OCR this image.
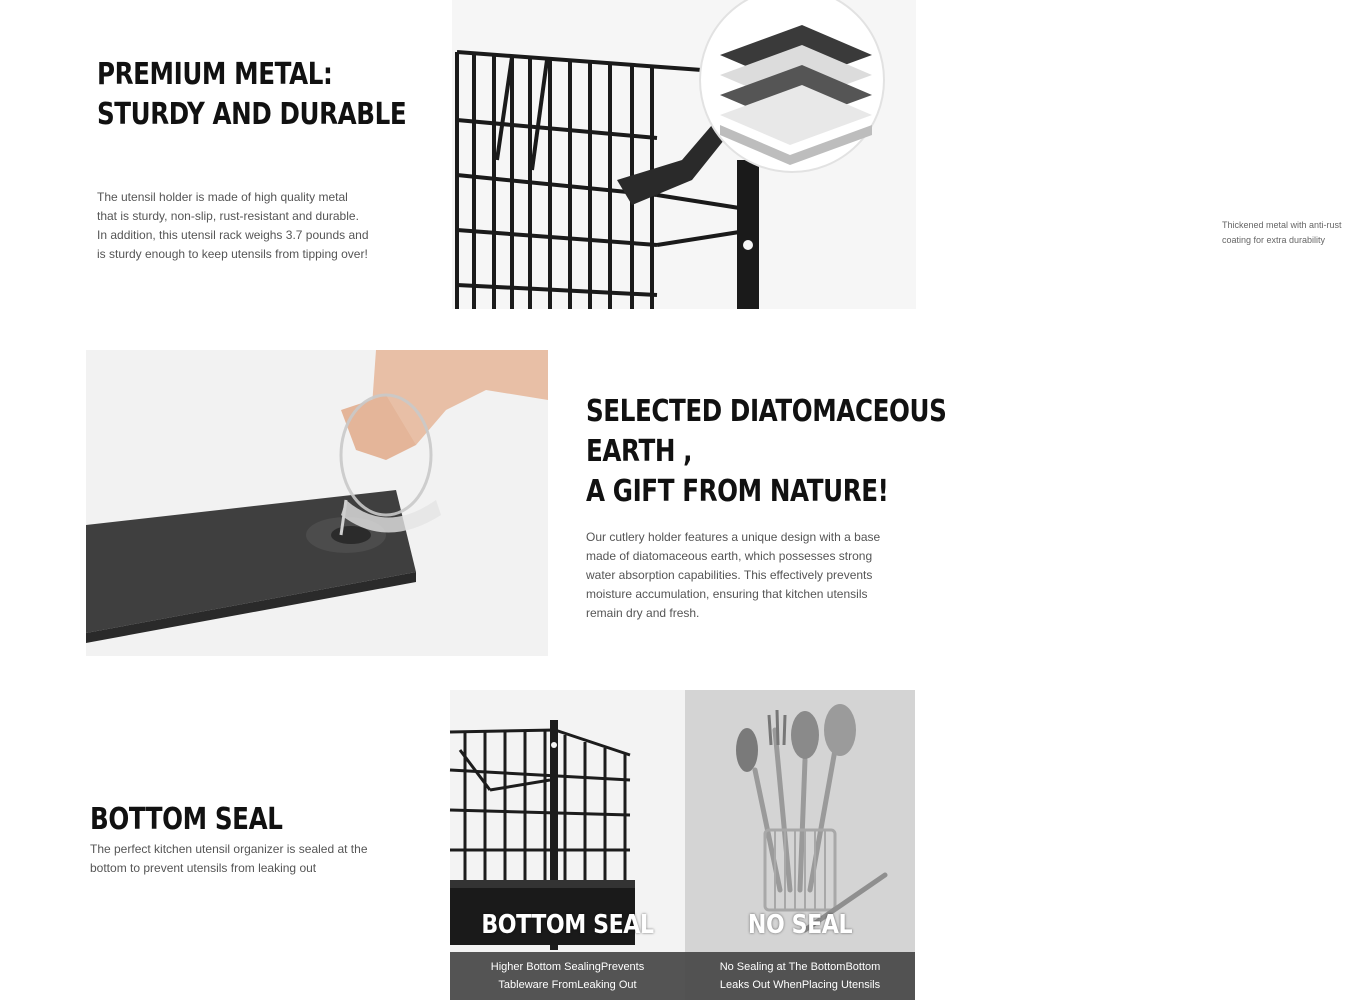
PREMIUM METAL:
STURDY AND DURABLE
The utensil holder is made of high quality metal
that is sturdy, non-slip, rust-resistant and durable.
In addition, this utensil rack weighs 3.7 pounds and
is sturdy enough to keep utensils from tipping over!
Thickened metal with anti-rust
coating for extra durability
SELECTED DIATOMACEOUS
EARTH ,
A GIFT FROM NATURE!
Our cutlery holder features a unique design with a base
made of diatomaceous earth, which possesses strong
water absorption capabilities. This effectively prevents
moisture accumulation, ensuring that kitchen utensils
remain dry and fresh.
BOTTOM SEAL
The perfect kitchen utensil organizer is sealed at the
bottom to prevent utensils from leaking out
BOTTOM SEAL
Higher Bottom SealingPrevents
Tableware FromLeaking Out
NO SEAL
No Sealing at The BottomBottom
Leaks Out WhenPlacing Utensils
